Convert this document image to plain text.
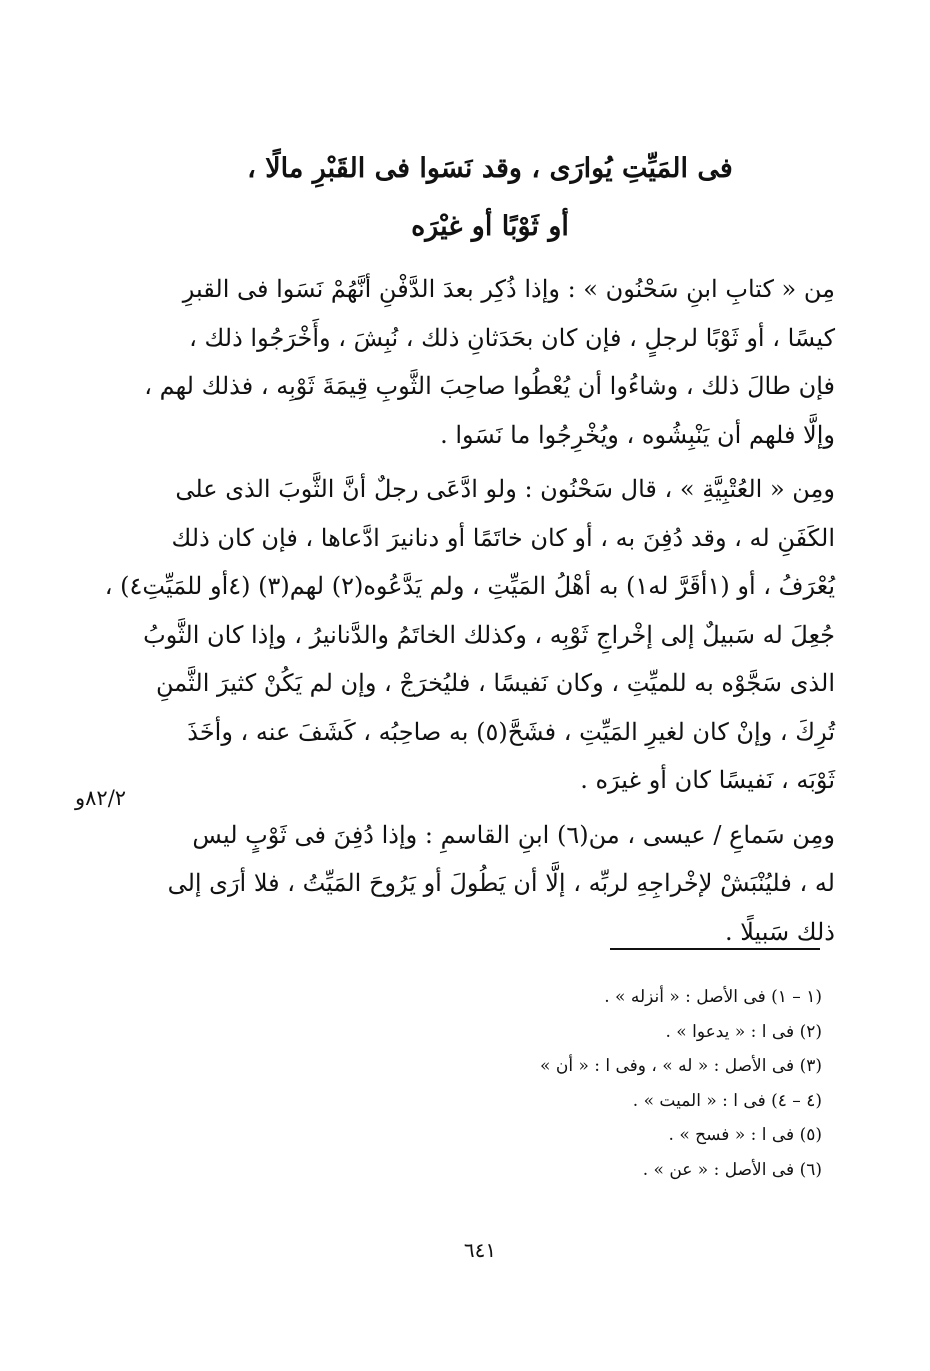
فى المَيِّتِ يُوارَى ، وقد نَسَوا فى القَبْرِ مالًا ،
أو ثَوْبًا أو غيْرَه
مِن « كتابِ ابنِ سَحْنُون » : وإذا ذُكِر بعدَ الدَّفْنِ أنَّهُمْ نَسَوا فى القبرِ
كيسًا ، أو ثَوْبًا لرجلٍ ، فإن كان بحَدَثانِ ذلك ، نُبِشَ ، وأَخْرَجُوا ذلك ،
فإن طالَ ذلك ، وشاءُوا أن يُعْطُوا صاحِبَ الثَّوبِ قِيمَةَ ثَوْبِه ، فذلك لهم ،
وإلَّا فلهم أن يَنْبِشُوه ، ويُخْرِجُوا ما نَسَوا .
ومِن « العُتْبِيَّةِ » ، قال سَحْنُون : ولو ادَّعَى رجلٌ أنَّ الثَّوبَ الذى على
الكَفَنِ له ، وقد دُفِنَ به ، أو كان خاتَمًا أو دنانيرَ ادَّعاها ، فإن كان ذلك
يُعْرَفُ ، أو (١أقَرَّ له١) به أهْلُ المَيِّتِ ، ولم يَدَّعُوه(٢) لهم(٣) (٤أو للمَيِّتِ٤) ،
جُعِلَ له سَبيلٌ إلى إخْراجِ ثَوْبِه ، وكذلك الخاتَمُ والدَّنانيرُ ، وإذا كان الثَّوبُ
الذى سَجَّوْه به للميِّتِ ، وكان نَفيسًا ، فليُخرَجْ ، وإن لم يَكُنْ كثيرَ الثَّمنِ
تُرِكَ ، وإنْ كان لغيرِ المَيِّتِ ، فشَحَّ(٥) به صاحِبُه ، كَشَفَ عنه ، وأخَذَ
ثَوْبَه ، نَفيسًا كان أو غيرَه .
ومِن سَماعِ / عيسى ، من(٦) ابنِ القاسمِ : وإذا دُفِنَ فى ثَوْبٍ ليس
له ، فليُنْبَشْ لإخْراجِهِ لربِّه ، إلَّا أن يَطُولَ أو يَرُوحَ المَيِّتُ ، فلا أرَى إلى
ذلك سَبيلًا .
٨٢/٢و
(١ – ١) فى الأصل : « أنزله » .
(٢) فى ا : « يدعوا » .
(٣) فى الأصل : « له » ، وفى ا : « أن »
(٤ – ٤) فى ا : « الميت » .
(٥) فى ا : « فسح » .
(٦) فى الأصل : « عن » .
٦٤١
